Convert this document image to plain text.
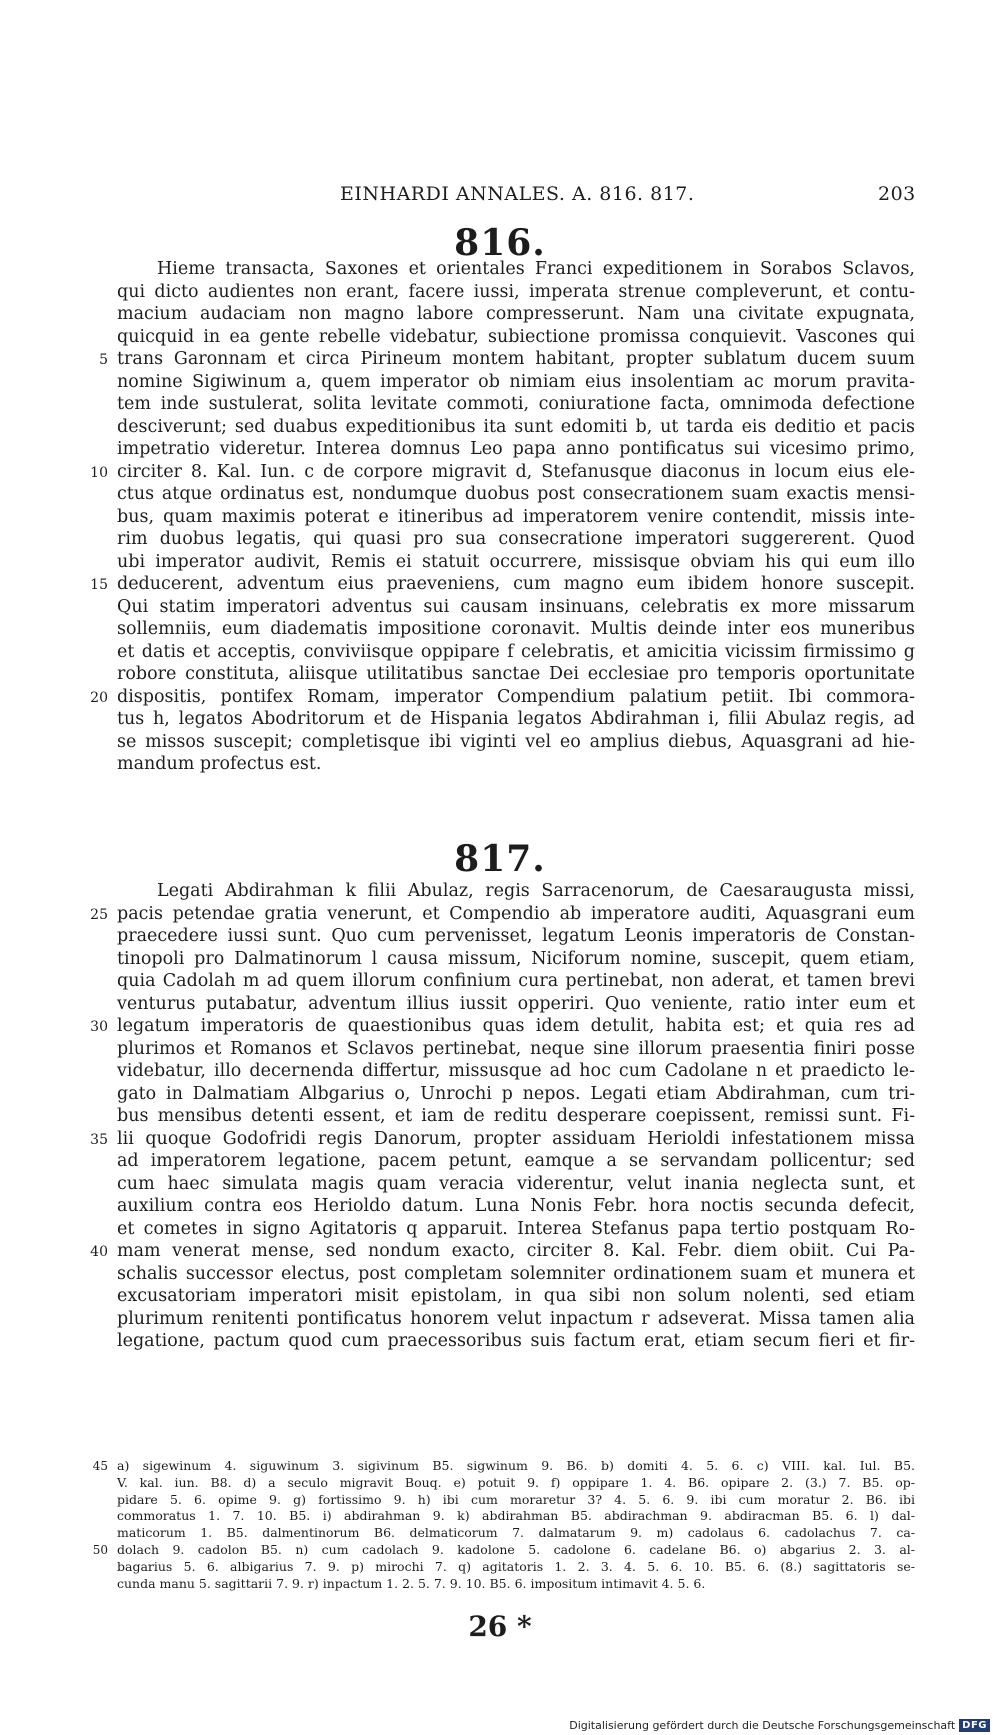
EINHARDI ANNALES. A. 816. 817.	203
816.
Hieme transacta, Saxones et orientales Franci expeditionem in Sorabos Sclavos,
qui dicto audientes non erant, facere iussi, imperata strenue compleverunt, et contu-
macium audaciam non magno labore compresserunt. Nam una civitate expugnata,
quicquid in ea gente rebelle videbatur, subiectione promissa conquievit. Vascones qui
5 trans Garonnam et circa Pirineum montem habitant, propter sublatum ducem suum
nomine Sigiwinum a, quem imperator ob nimiam eius insolentiam ac morum pravita-
tem inde sustulerat, solita levitate commoti, coniuratione facta, omnimoda defectione
desciverunt; sed duabus expeditionibus ita sunt edomiti b, ut tarda eis deditio et pacis
impetratio videretur. Interea domnus Leo papa anno pontificatus sui vicesimo primo,
10 circiter 8. Kal. Iun. c de corpore migravit d, Stefanusque diaconus in locum eius ele-
ctus atque ordinatus est, nondumque duobus post consecrationem suam exactis mensi-
bus, quam maximis poterat e itineribus ad imperatorem venire contendit, missis inte-
rim duobus legatis, qui quasi pro sua consecratione imperatori suggererent. Quod
ubi imperator audivit, Remis ei statuit occurrere, missisque obviam his qui eum illo
15 deducerent, adventum eius praeveniens, cum magno eum ibidem honore suscepit.
Qui statim imperatori adventus sui causam insinuans, celebratis ex more missarum
sollemniis, eum diadematis impositione coronavit. Multis deinde inter eos muneribus
et datis et acceptis, conviviisque oppipare f celebratis, et amicitia vicissim firmissimo g
robore constituta, aliisque utilitatibus sanctae Dei ecclesiae pro temporis oportunitate
20 dispositis, pontifex Romam, imperator Compendium palatium petiit. Ibi commora-
tus h, legatos Abodritorum et de Hispania legatos Abdirahman i, filii Abulaz regis, ad
se missos suscepit; completisque ibi viginti vel eo amplius diebus, Aquasgrani ad hie-
mandum profectus est.
817.
Legati Abdirahman k filii Abulaz, regis Sarracenorum, de Caesaraugusta missi,
25 pacis petendae gratia venerunt, et Compendio ab imperatore auditi, Aquasgrani eum
praecedere iussi sunt. Quo cum pervenisset, legatum Leonis imperatoris de Constan-
tinopoli pro Dalmatinorum l causa missum, Niciforum nomine, suscepit, quem etiam,
quia Cadolah m ad quem illorum confinium cura pertinebat, non aderat, et tamen brevi
venturus putabatur, adventum illius iussit opperiri. Quo veniente, ratio inter eum et
30 legatum imperatoris de quaestionibus quas idem detulit, habita est; et quia res ad
plurimos et Romanos et Sclavos pertinebat, neque sine illorum praesentia finiri posse
videbatur, illo decernenda differtur, missusque ad hoc cum Cadolane n et praedicto le-
gato in Dalmatiam Albgarius o, Unrochi p nepos. Legati etiam Abdirahman, cum tri-
bus mensibus detenti essent, et iam de reditu desperare coepissent, remissi sunt. Fi-
35 lii quoque Godofridi regis Danorum, propter assiduam Herioldi infestationem missa
ad imperatorem legatione, pacem petunt, eamque a se servandam pollicentur; sed
cum haec simulata magis quam veracia viderentur, velut inania neglecta sunt, et
auxilium contra eos Herioldo datum. Luna Nonis Febr. hora noctis secunda defecit,
et cometes in signo Agitatoris q apparuit. Interea Stefanus papa tertio postquam Ro-
40 mam venerat mense, sed nondum exacto, circiter 8. Kal. Febr. diem obiit. Cui Pa-
schalis successor electus, post completam solemniter ordinationem suam et munera et
excusatoriam imperatori misit epistolam, in qua sibi non solum nolenti, sed etiam
plurimum renitenti pontificatus honorem velut inpactum r adseverat. Missa tamen alia
legatione, pactum quod cum praecessoribus suis factum erat, etiam secum fieri et fir-
45 a) sigewinum 4. siguwinum 3. sigivinum B5. sigwinum 9. B6. b) domiti 4. 5. 6. c) VIII. kal. Iul. B5.
V. kal. iun. B8. d) a seculo migravit Bouq. e) potuit 9. f) oppipare 1. 4. B6. opipare 2. (3.) 7. B5. op-
pidare 5. 6. opime 9. g) fortissimo 9. h) ibi cum moraretur 3? 4. 5. 6. 9. ibi cum moratur 2. B6. ibi
commoratus 1. 7. 10. B5. i) abdirahman 9. k) abdirahman B5. abdirachman 9. abdiracman B5. 6. l) dal-
maticorum 1. B5. dalmentinorum B6. delmaticorum 7. dalmatarum 9. m) cadolaus 6. cadolachus 7. ca-
50 dolach 9. cadolon B5. n) cum cadolach 9. kadolone 5. cadolone 6. cadelane B6. o) abgarius 2. 3. al-
bagarius 5. 6. albigarius 7. 9. p) mirochi 7. q) agitatoris 1. 2. 3. 4. 5. 6. 10. B5. 6. (8.) sagittatoris se-
cunda manu 5. sagittarii 7. 9. r) inpactum 1. 2. 5. 7. 9. 10. B5. 6. impositum intimavit 4. 5. 6.
26 *
Digitalisierung gefördert durch die Deutsche Forschungsgemeinschaft DFG
